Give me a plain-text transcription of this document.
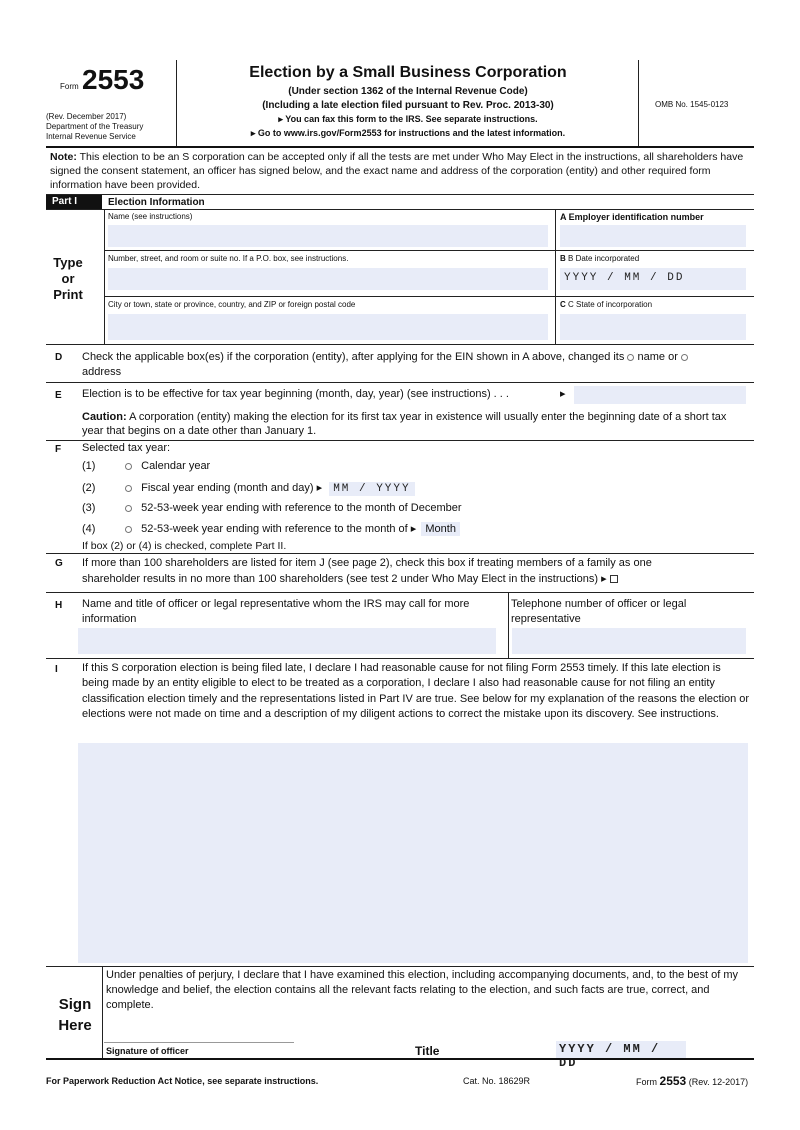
Form 2553
(Rev. December 2017)
Department of the Treasury
Internal Revenue Service
Election by a Small Business Corporation
(Under section 1362 of the Internal Revenue Code)
(Including a late election filed pursuant to Rev. Proc. 2013-30)
▸ You can fax this form to the IRS. See separate instructions.
▸ Go to www.irs.gov/Form2553 for instructions and the latest information.
OMB No. 1545-0123
Note: This election to be an S corporation can be accepted only if all the tests are met under Who May Elect in the instructions, all shareholders have signed the consent statement, an officer has signed below, and the exact name and address of the corporation (entity) and other required form information have been provided.
Part I	Election Information
Type
or
Print
Name (see instructions)	A Employer identification number
Number, street, and room or suite no. If a P.O. box, see instructions.	B B Date incorporated
YYYY / MM / DD
City or town, state or province, country, and ZIP or foreign postal code	C C State of incorporation
D Check the applicable box(es) if the corporation (entity), after applying for the EIN shown in A above, changed its name or
address
E Election is to be effective for tax year beginning (month, day, year) (see instructions) . . .	▸
Caution: A corporation (entity) making the election for its first tax year in existence will usually enter the beginning date of a short tax year that begins on a date other than January 1.
F Selected tax year:
(1)	Calendar year
(2)	Fiscal year ending (month and day) ▸ MM / YYYY
(3)	52-53-week year ending with reference to the month of December
(4)	52-53-week year ending with reference to the month of ▸ Month
If box (2) or (4) is checked, complete Part II.
G If more than 100 shareholders are listed for item J (see page 2), check this box if treating members of a family as one
shareholder results in no more than 100 shareholders (see test 2 under Who May Elect in the instructions) ▸
H Name and title of officer or legal representative whom the IRS may call for more information
Telephone number of officer or legal representative
I If this S corporation election is being filed late, I declare I had reasonable cause for not filing Form 2553 timely. If this late election is being made by an entity eligible to elect to be treated as a corporation, I declare I also had reasonable cause for not filing an entity classification election timely and the representations listed in Part IV are true. See below for my explanation of the reasons the election or elections were not made on time and a description of my diligent actions to correct the mistake upon its discovery. See instructions.
Sign
Here
Under penalties of perjury, I declare that I have examined this election, including accompanying documents, and, to the best of my knowledge and belief, the election contains all the relevant facts relating to the election, and such facts are true, correct, and complete.
Signature of officer	Title	YYYY / MM / DD
For Paperwork Reduction Act Notice, see separate instructions.	Cat. No. 18629R	Form 2553 (Rev. 12-2017)
